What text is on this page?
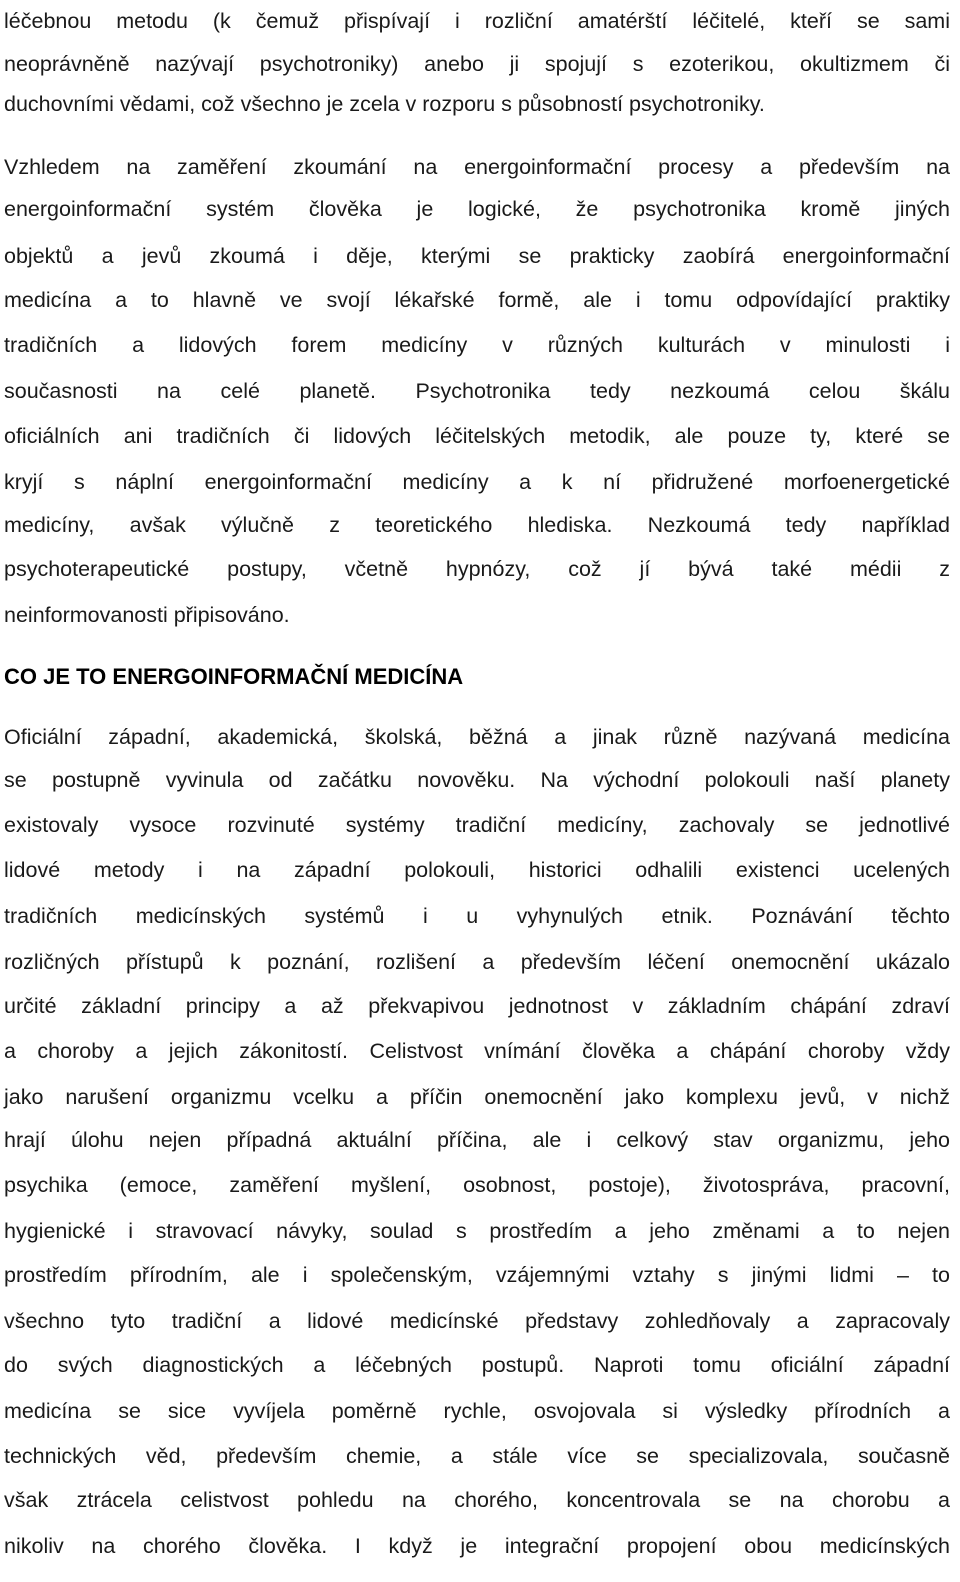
léčebnou metodu (k čemuž přispívají i rozliční amatérští léčitelé, kteří se sami
neoprávněně nazývají psychotroniky) anebo ji spojují s ezoterikou, okultizmem či
duchovními vědami, což všechno je zcela v rozporu s působností psychotroniky.
Vzhledem na zaměření zkoumání na energoinformační procesy a především na
energoinformační systém člověka je logické, že psychotronika kromě jiných
objektů a jevů zkoumá i děje, kterými se prakticky zaobírá energoinformační
medicína a to hlavně ve svojí lékařské formě, ale i tomu odpovídající praktiky
tradičních a lidových forem medicíny v různých kulturách v minulosti i
současnosti na celé planetě. Psychotronika tedy nezkoumá celou škálu
oficiálních ani tradičních či lidových léčitelských metodik, ale pouze ty, které se
kryjí s náplní energoinformační medicíny a k ní přidružené morfoenergetické
medicíny, avšak výlučně z teoretického hlediska. Nezkoumá tedy například
psychoterapeutické postupy, včetně hypnózy, což jí bývá také médii z
neinformovanosti připisováno.
CO JE TO ENERGOINFORMAČNÍ MEDICÍNA
Oficiální západní, akademická, školská, běžná a jinak různě nazývaná medicína
se postupně vyvinula od začátku novověku. Na východní polokouli naší planety
existovaly vysoce rozvinuté systémy tradiční medicíny, zachovaly se jednotlivé
lidové metody i na západní polokouli, historici odhalili existenci ucelených
tradičních medicínských systémů i u vyhynulých etnik. Poznávání těchto
rozličných přístupů k poznání, rozlišení a především léčení onemocnění ukázalo
určité základní principy a až překvapivou jednotnost v základním chápání zdraví
a choroby a jejich zákonitostí. Celistvost vnímání člověka a chápání choroby vždy
jako narušení organizmu vcelku a příčin onemocnění jako komplexu jevů, v nichž
hrají úlohu nejen případná aktuální příčina, ale i celkový stav organizmu, jeho
psychika (emoce, zaměření myšlení, osobnost, postoje), životospráva, pracovní,
hygienické i stravovací návyky, soulad s prostředím a jeho změnami a to nejen
prostředím přírodním, ale i společenským, vzájemnými vztahy s jinými lidmi – to
všechno tyto tradiční a lidové medicínské představy zohledňovaly a zapracovaly
do svých diagnostických a léčebných postupů. Naproti tomu oficiální západní
medicína se sice vyvíjela poměrně rychle, osvojovala si výsledky přírodních a
technických věd, především chemie, a stále více se specializovala, současně
však ztrácela celistvost pohledu na chorého, koncentrovala se na chorobu a
nikoliv na chorého člověka. I když je integrační propojení obou medicínských
